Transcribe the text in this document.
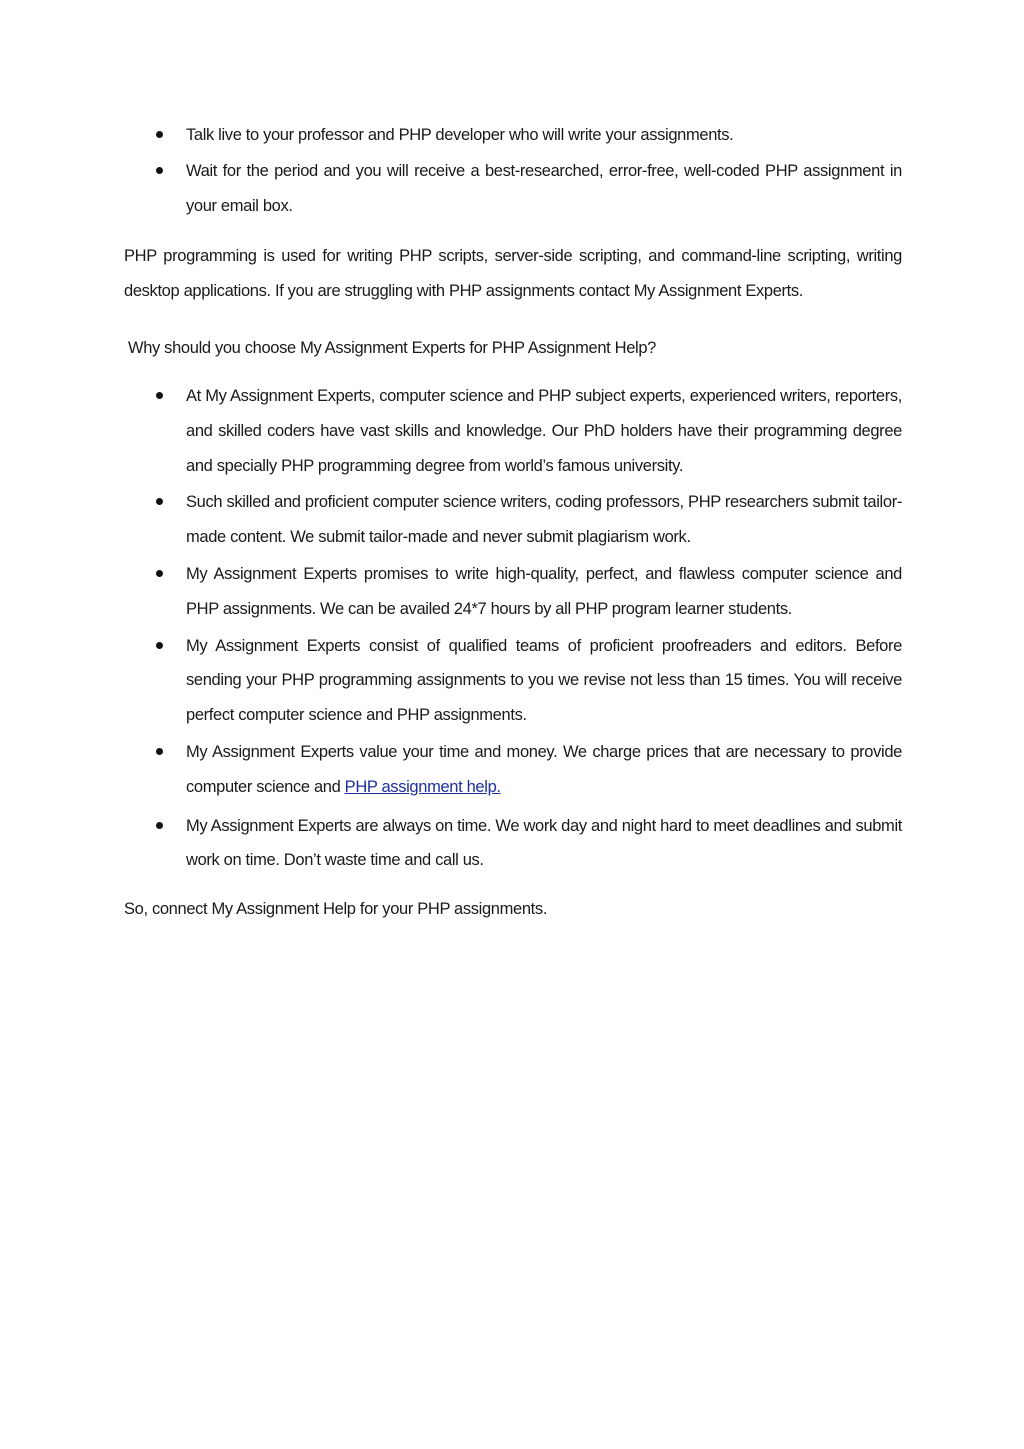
Talk live to your professor and PHP developer who will write your assignments.
Wait for the period and you will receive a best-researched, error-free, well-coded PHP assignment in your email box.

PHP programming is used for writing PHP scripts, server-side scripting, and command-line scripting, writing desktop applications. If you are struggling with PHP assignments contact My Assignment Experts.

Why should you choose My Assignment Experts for PHP Assignment Help?

At My Assignment Experts, computer science and PHP subject experts, experienced writers, reporters, and skilled coders have vast skills and knowledge. Our PhD holders have their programming degree and specially PHP programming degree from world’s famous university.
Such skilled and proficient computer science writers, coding professors, PHP researchers submit tailor-made content. We submit tailor-made and never submit plagiarism work.
My Assignment Experts promises to write high-quality, perfect, and flawless computer science and PHP assignments. We can be availed 24*7 hours by all PHP program learner students.
My Assignment Experts consist of qualified teams of proficient proofreaders and editors. Before sending your PHP programming assignments to you we revise not less than 15 times. You will receive perfect computer science and PHP assignments.
My Assignment Experts value your time and money. We charge prices that are necessary to provide computer science and PHP assignment help.
My Assignment Experts are always on time. We work day and night hard to meet deadlines and submit work on time. Don’t waste time and call us.

So, connect My Assignment Help for your PHP assignments.
